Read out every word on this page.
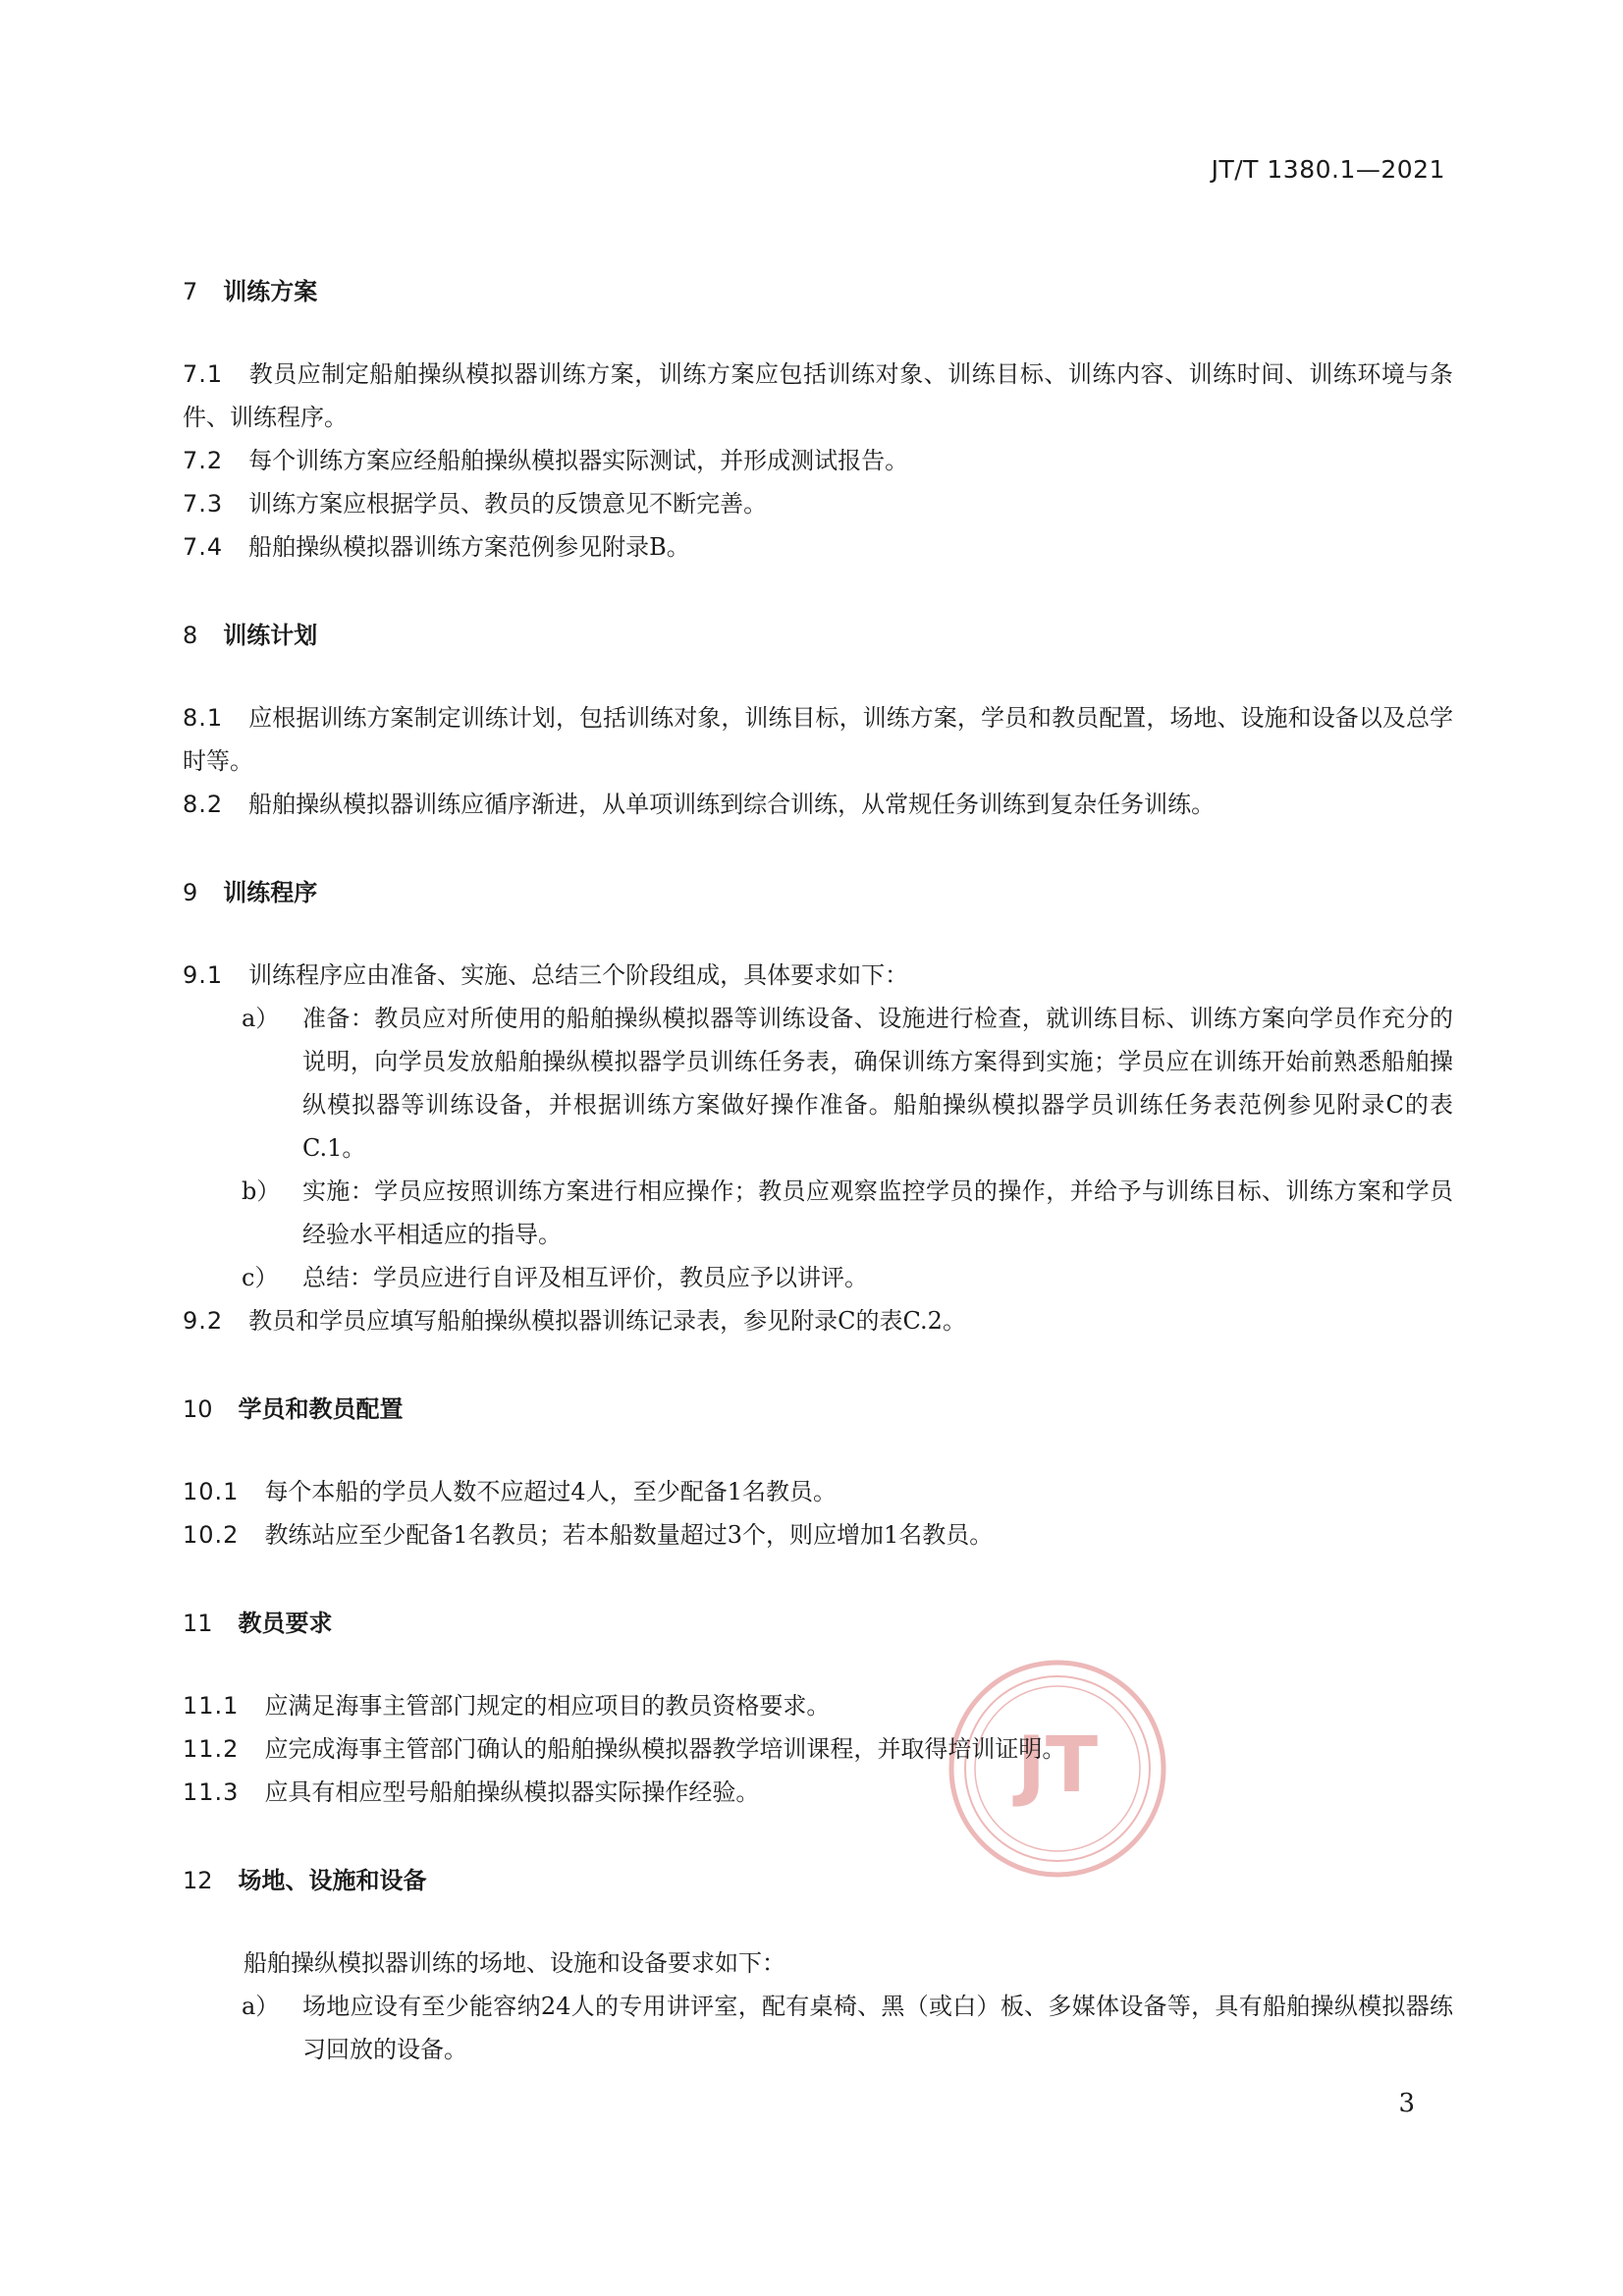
JT/T 1380.1—2021
JT
7 训练方案

7.1 教员应制定船舶操纵模拟器训练方案，训练方案应包括训练对象、训练目标、训练内容、训练时间、训练环境与条件、训练程序。

7.2 每个训练方案应经船舶操纵模拟器实际测试，并形成测试报告。

7.3 训练方案应根据学员、教员的反馈意见不断完善。

7.4 船舶操纵模拟器训练方案范例参见附录B。

8 训练计划

8.1 应根据训练方案制定训练计划，包括训练对象，训练目标，训练方案，学员和教员配置，场地、设施和设备以及总学时等。

8.2 船舶操纵模拟器训练应循序渐进，从单项训练到综合训练，从常规任务训练到复杂任务训练。

9 训练程序

9.1 训练程序应由准备、实施、总结三个阶段组成，具体要求如下：

a） 准备：教员应对所使用的船舶操纵模拟器等训练设备、设施进行检查，就训练目标、训练方案向学员作充分的说明，向学员发放船舶操纵模拟器学员训练任务表，确保训练方案得到实施；学员应在训练开始前熟悉船舶操纵模拟器等训练设备，并根据训练方案做好操作准备。船舶操纵模拟器学员训练任务表范例参见附录C的表C.1。

b） 实施：学员应按照训练方案进行相应操作；教员应观察监控学员的操作，并给予与训练目标、训练方案和学员经验水平相适应的指导。

c） 总结：学员应进行自评及相互评价，教员应予以讲评。

9.2 教员和学员应填写船舶操纵模拟器训练记录表，参见附录C的表C.2。

10 学员和教员配置

10.1 每个本船的学员人数不应超过4人，至少配备1名教员。

10.2 教练站应至少配备1名教员；若本船数量超过3个，则应增加1名教员。

11 教员要求

11.1 应满足海事主管部门规定的相应项目的教员资格要求。

11.2 应完成海事主管部门确认的船舶操纵模拟器教学培训课程，并取得培训证明。

11.3 应具有相应型号船舶操纵模拟器实际操作经验。

12 场地、设施和设备

船舶操纵模拟器训练的场地、设施和设备要求如下：

a） 场地应设有至少能容纳24人的专用讲评室，配有桌椅、黑（或白）板、多媒体设备等，具有船舶操纵模拟器练习回放的设备。

3
